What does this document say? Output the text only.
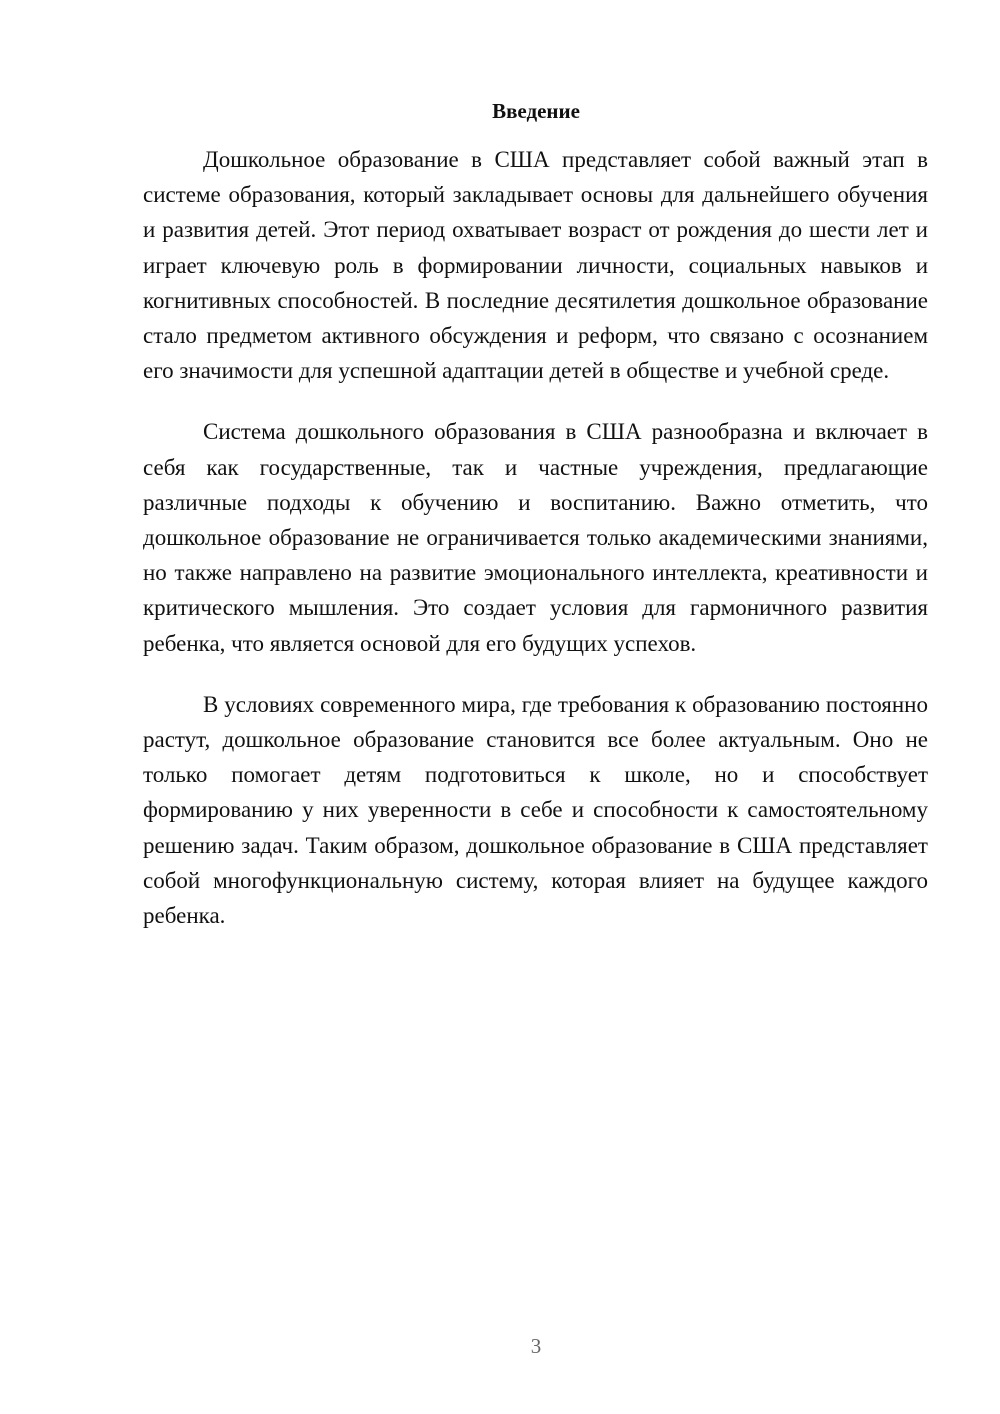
Введение

Дошкольное образование в США представляет собой важный этап в системе образования, который закладывает основы для дальнейшего обучения и развития детей. Этот период охватывает возраст от рождения до шести лет и играет ключевую роль в формировании личности, социальных навыков и когнитивных способностей. В последние десятилетия дошкольное образование стало предметом активного обсуждения и реформ, что связано с осознанием его значимости для успешной адаптации детей в обществе и учебной среде.

Система дошкольного образования в США разнообразна и включает в себя как государственные, так и частные учреждения, предлагающие различные подходы к обучению и воспитанию. Важно отметить, что дошкольное образование не ограничивается только академическими знаниями, но также направлено на развитие эмоционального интеллекта, креативности и критического мышления. Это создает условия для гармоничного развития ребенка, что является основой для его будущих успехов.

В условиях современного мира, где требования к образованию постоянно растут, дошкольное образование становится все более актуальным. Оно не только помогает детям подготовиться к школе, но и способствует формированию у них уверенности в себе и способности к самостоятельному решению задач. Таким образом, дошкольное образование в США представляет собой многофункциональную систему, которая влияет на будущее каждого ребенка.

3
